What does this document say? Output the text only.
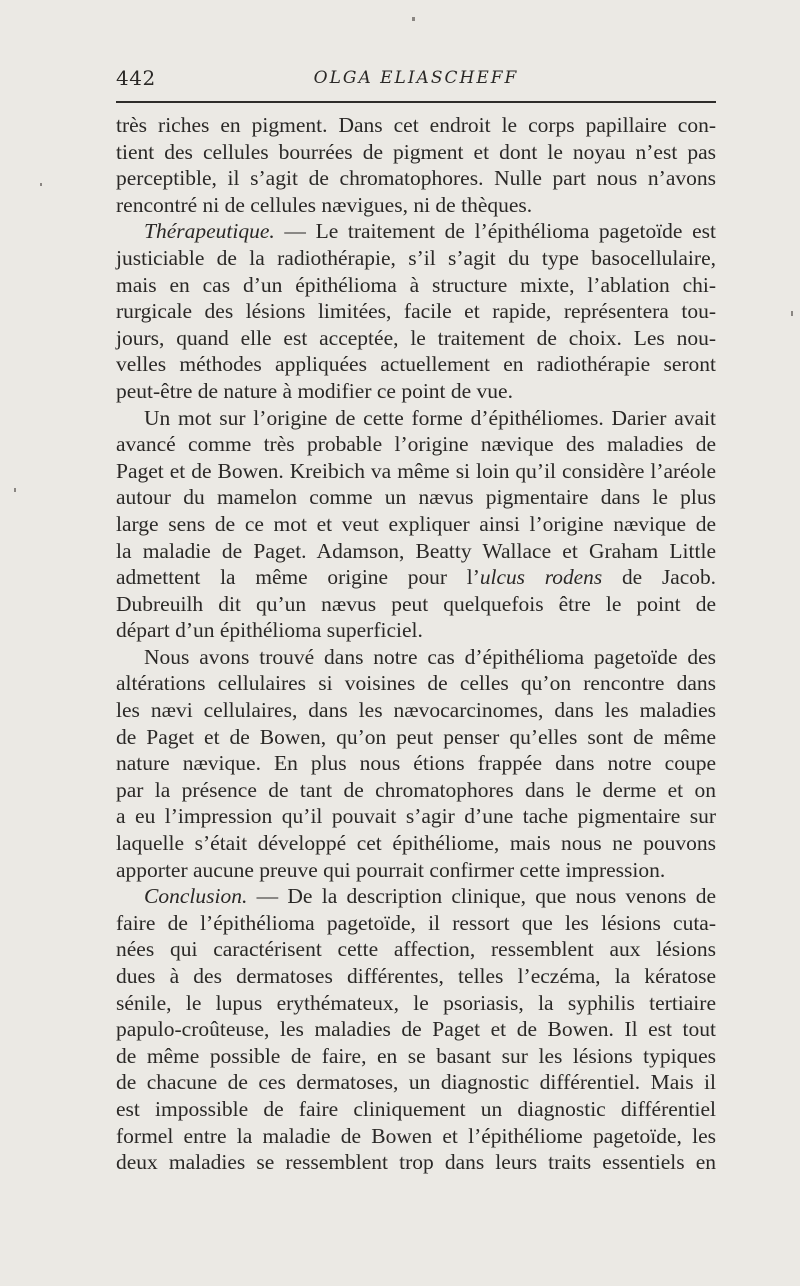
442	OLGA ELIASCHEFF
très riches en pigment. Dans cet endroit le corps papillaire con-
tient des cellules bourrées de pigment et dont le noyau n’est pas
perceptible, il s’agit de chromatophores. Nulle part nous n’avons
rencontré ni de cellules nævigues, ni de thèques.
Thérapeutique. — Le traitement de l’épithélioma pagetoïde est
justiciable de la radiothérapie, s’il s’agit du type basocellulaire,
mais en cas d’un épithélioma à structure mixte, l’ablation chi-
rurgicale des lésions limitées, facile et rapide, représentera tou-
jours, quand elle est acceptée, le traitement de choix. Les nou-
velles méthodes appliquées actuellement en radiothérapie seront
peut-être de nature à modifier ce point de vue.
Un mot sur l’origine de cette forme d’épithéliomes. Darier avait
avancé comme très probable l’origine nævique des maladies de
Paget et de Bowen. Kreibich va même si loin qu’il considère l’aréole
autour du mamelon comme un nævus pigmentaire dans le plus
large sens de ce mot et veut expliquer ainsi l’origine nævique de
la maladie de Paget. Adamson, Beatty Wallace et Graham Little
admettent la même origine pour l’ulcus rodens de Jacob.
Dubreuilh dit qu’un nævus peut quelquefois être le point de
départ d’un épithélioma superficiel.
Nous avons trouvé dans notre cas d’épithélioma pagetoïde des
altérations cellulaires si voisines de celles qu’on rencontre dans
les nævi cellulaires, dans les nævocarcinomes, dans les maladies
de Paget et de Bowen, qu’on peut penser qu’elles sont de même
nature nævique. En plus nous étions frappée dans notre coupe
par la présence de tant de chromatophores dans le derme et on
a eu l’impression qu’il pouvait s’agir d’une tache pigmentaire sur
laquelle s’était développé cet épithéliome, mais nous ne pouvons
apporter aucune preuve qui pourrait confirmer cette impression.
Conclusion. — De la description clinique, que nous venons de
faire de l’épithélioma pagetoïde, il ressort que les lésions cuta-
nées qui caractérisent cette affection, ressemblent aux lésions
dues à des dermatoses différentes, telles l’eczéma, la kératose
sénile, le lupus erythémateux, le psoriasis, la syphilis tertiaire
papulo-croûteuse, les maladies de Paget et de Bowen. Il est tout
de même possible de faire, en se basant sur les lésions typiques
de chacune de ces dermatoses, un diagnostic différentiel. Mais il
est impossible de faire cliniquement un diagnostic différentiel
formel entre la maladie de Bowen et l’épithéliome pagetoïde, les
deux maladies se ressemblent trop dans leurs traits essentiels en
